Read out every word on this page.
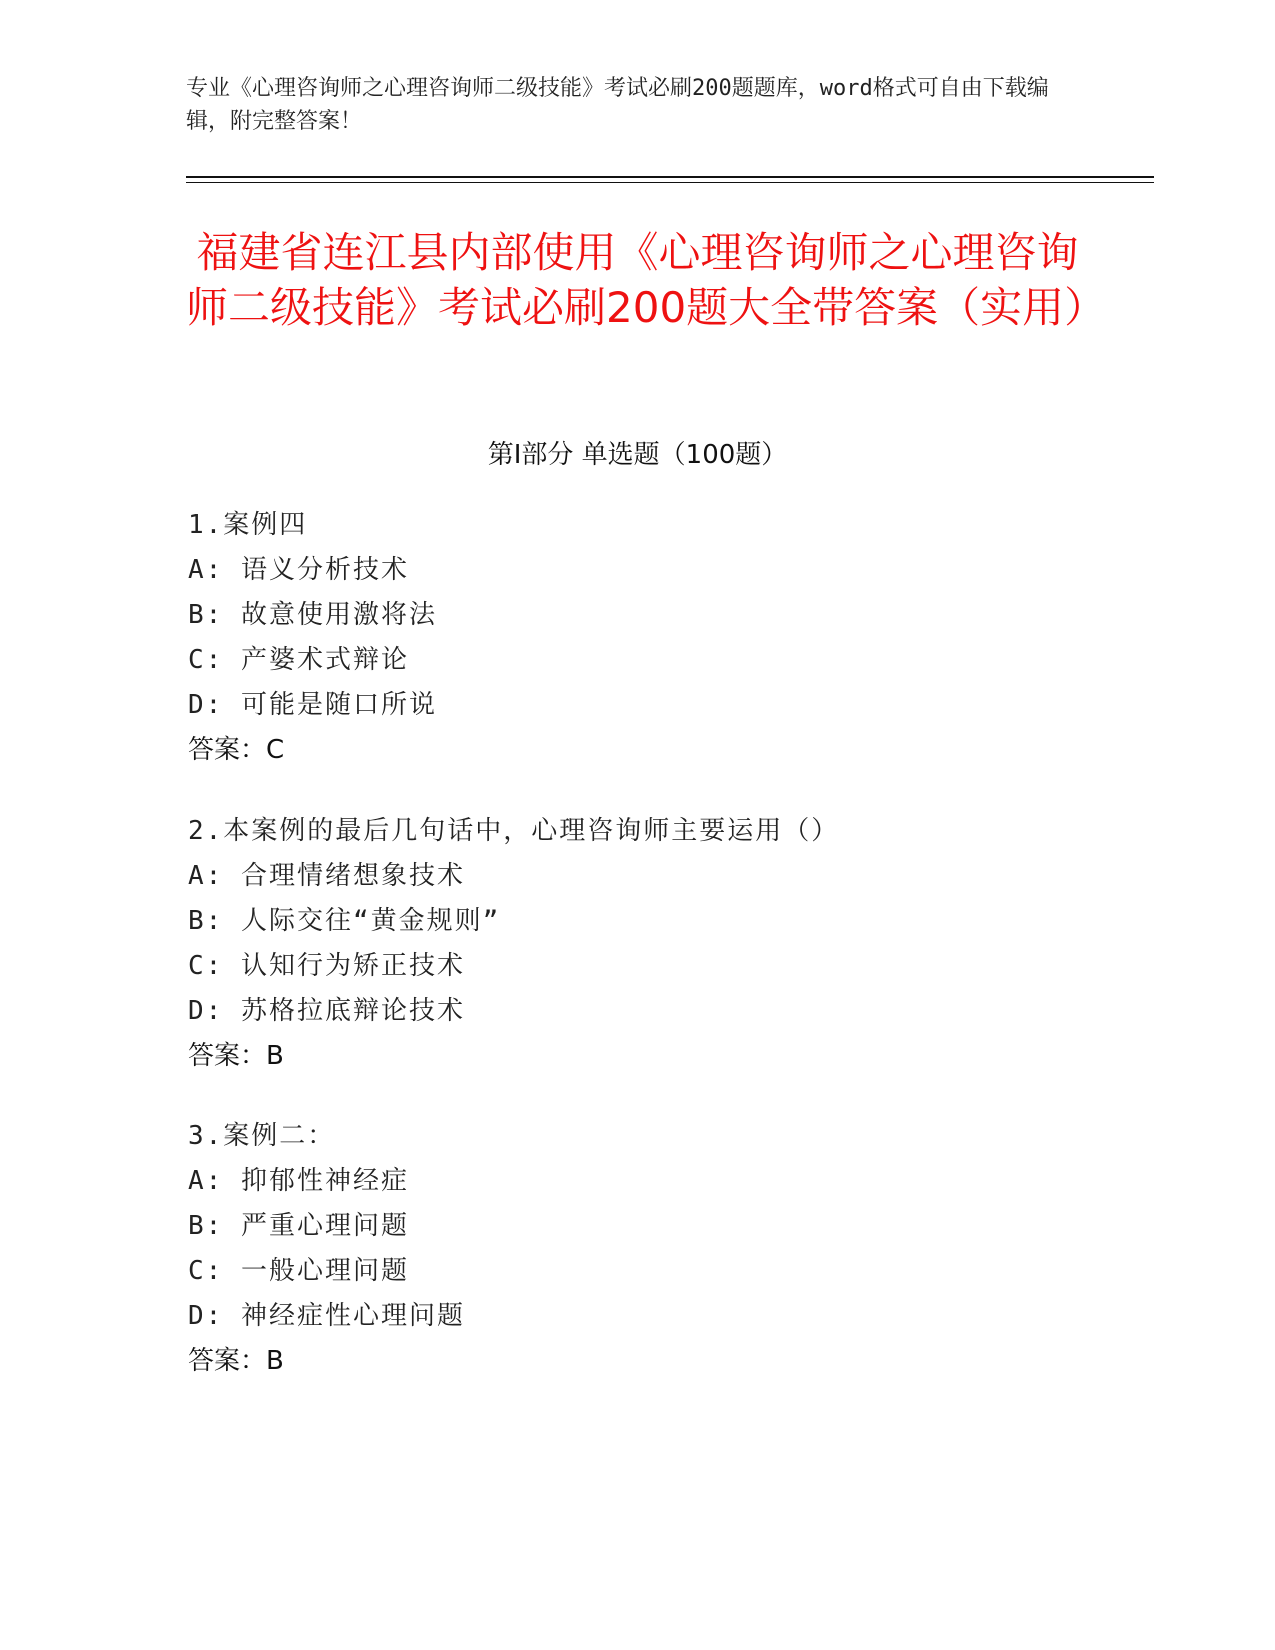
专业《心理咨询师之心理咨询师二级技能》考试必刷200题题库，word格式可自由下载编辑，附完整答案！
福建省连江县内部使用《心理咨询师之心理咨询师二级技能》考试必刷200题大全带答案（实用）
第Ⅰ部分 单选题（100题）
1.案例四
A: 语义分析技术
B: 故意使用激将法
C: 产婆术式辩论
D: 可能是随口所说
答案：C
2.本案例的最后几句话中，心理咨询师主要运用（）
A: 合理情绪想象技术
B: 人际交往“黄金规则”
C: 认知行为矫正技术
D: 苏格拉底辩论技术
答案：B
3.案例二：
A: 抑郁性神经症
B: 严重心理问题
C: 一般心理问题
D: 神经症性心理问题
答案：B
